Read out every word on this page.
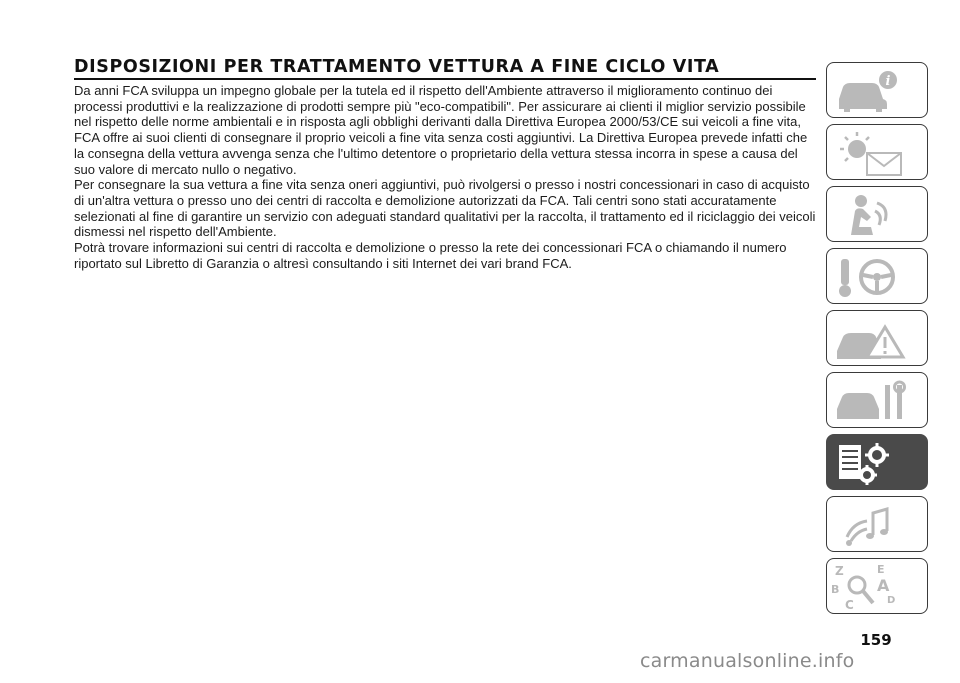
DISPOSIZIONI PER TRATTAMENTO VETTURA A FINE CICLO VITA

Da anni FCA sviluppa un impegno globale per la tutela ed il rispetto dell'Ambiente attraverso il miglioramento continuo dei
processi produttivi e la realizzazione di prodotti sempre più "eco-compatibili". Per assicurare ai clienti il miglior servizio possibile
nel rispetto delle norme ambientali e in risposta agli obblighi derivanti dalla Direttiva Europea 2000/53/CE sui veicoli a fine vita,
FCA offre ai suoi clienti di consegnare il proprio veicoli a fine vita senza costi aggiuntivi. La Direttiva Europea prevede infatti che
la consegna della vettura avvenga senza che l'ultimo detentore o proprietario della vettura stessa incorra in spese a causa del
suo valore di mercato nullo o negativo.

Per consegnare la sua vettura a fine vita senza oneri aggiuntivi, può rivolgersi o presso i nostri concessionari in caso di acquisto
di un'altra vettura o presso uno dei centri di raccolta e demolizione autorizzati da FCA. Tali centri sono stati accuratamente
selezionati al fine di garantire un servizio con adeguati standard qualitativi per la raccolta, il trattamento ed il riciclaggio dei veicoli
dismessi nel rispetto dell'Ambiente.

Potrà trovare informazioni sui centri di raccolta e demolizione o presso la rete dei concessionari FCA o chiamando il numero
riportato sul Libretto di Garanzia o altresì consultando i siti Internet dei vari brand FCA.

i
Z	E
B A
C	D
159
carmanualsonline.info
